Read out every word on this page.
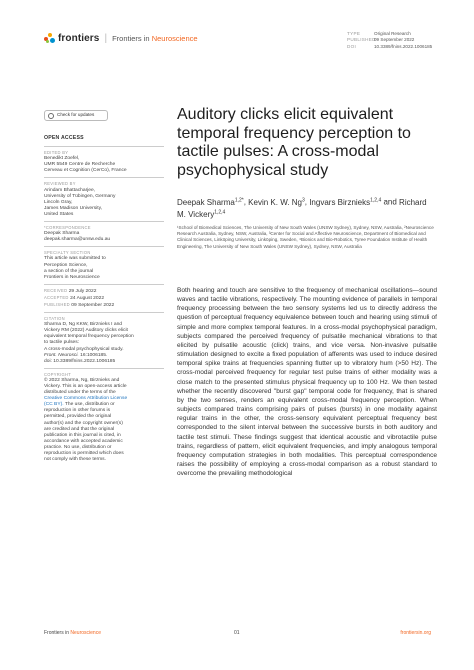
frontiers | Frontiers in Neuroscience
TYPE	Original Research
PUBLISHED09 September 2022
DOI	10.3389/fnins.2022.1006185
Check for updates
OPEN ACCESS
EDITED BY
Benedikt Zoefel,
UMR 5549 Centre de Recherche
Cerveau et Cognition (CerCo), France
REVIEWED BY
Arindam Bhattacharjee,
University of Tübingen, Germany
Lincoln Gray,
James Madison University,
United States
*CORRESPONDENCE
Deepak Sharma
deepak.sharma@unsw.edu.au
SPECIALTY SECTION
This article was submitted to
Perception Science,
a section of the journal
Frontiers in Neuroscience
RECEIVED 29 July 2022
ACCEPTED 24 August 2022
PUBLISHED 09 September 2022
CITATION
Sharma D, Ng KKW, Birznieks I and
Vickery RM (2022) Auditory clicks elicit
equivalent temporal frequency perception
to tactile pulses:
A cross-modal psychophysical study.
Front. Neurosci. 16:1006185.
doi: 10.3389/fnins.2022.1006185
COPYRIGHT
© 2022 Sharma, Ng, Birznieks and
Vickery. This is an open-access article
distributed under the terms of the
Creative Commons Attribution License
(CC BY). The use, distribution or
reproduction in other forums is
permitted, provided the original
author(s) and the copyright owner(s)
are credited and that the original
publication in this journal is cited, in
accordance with accepted academic
practice. No use, distribution or
reproduction is permitted which does
not comply with these terms.
Auditory clicks elicit equivalent temporal frequency perception to tactile pulses: A cross-modal psychophysical study
Deepak Sharma$^{1,2*}$, Kevin K. W. Ng$^3$, Ingvars Birznieks$^{1,2,4}$ and Richard M. Vickery$^{1,2,4}$
¹School of Biomedical Sciences, The University of New South Wales (UNSW Sydney), Sydney, NSW, Australia, ²Neuroscience Research Australia, Sydney, NSW, Australia, ³Center for Social and Affective Neuroscience, Department of Biomedical and Clinical Sciences, Linköping University, Linköping, Sweden, ⁴Bionics and Bio-Robotics, Tyree Foundation Institute of Health Engineering, The University of New South Wales (UNSW Sydney), Sydney, NSW, Australia
Both hearing and touch are sensitive to the frequency of mechanical oscillations—sound waves and tactile vibrations, respectively. The mounting evidence of parallels in temporal frequency processing between the two sensory systems led us to directly address the question of perceptual frequency equivalence between touch and hearing using stimuli of simple and more complex temporal features. In a cross-modal psychophysical paradigm, subjects compared the perceived frequency of pulsatile mechanical vibrations to that elicited by pulsatile acoustic (click) trains, and vice versa. Non-invasive pulsatile stimulation designed to excite a fixed population of afferents was used to induce desired temporal spike trains at frequencies spanning flutter up to vibratory hum (>50 Hz). The cross-modal perceived frequency for regular test pulse trains of either modality was a close match to the presented stimulus physical frequency up to 100 Hz. We then tested whether the recently discovered "burst gap" temporal code for frequency, that is shared by the two senses, renders an equivalent cross-modal frequency perception. When subjects compared trains comprising pairs of pulses (bursts) in one modality against regular trains in the other, the cross-sensory equivalent perceptual frequency best corresponded to the silent interval between the successive bursts in both auditory and tactile test stimuli. These findings suggest that identical acoustic and vibrotactile pulse trains, regardless of pattern, elicit equivalent frequencies, and imply analogous temporal frequency computation strategies in both modalities. This perceptual correspondence raises the possibility of employing a cross-modal comparison as a robust standard to overcome the prevailing methodological
Frontiers in Neuroscience	01	frontiersin.org
